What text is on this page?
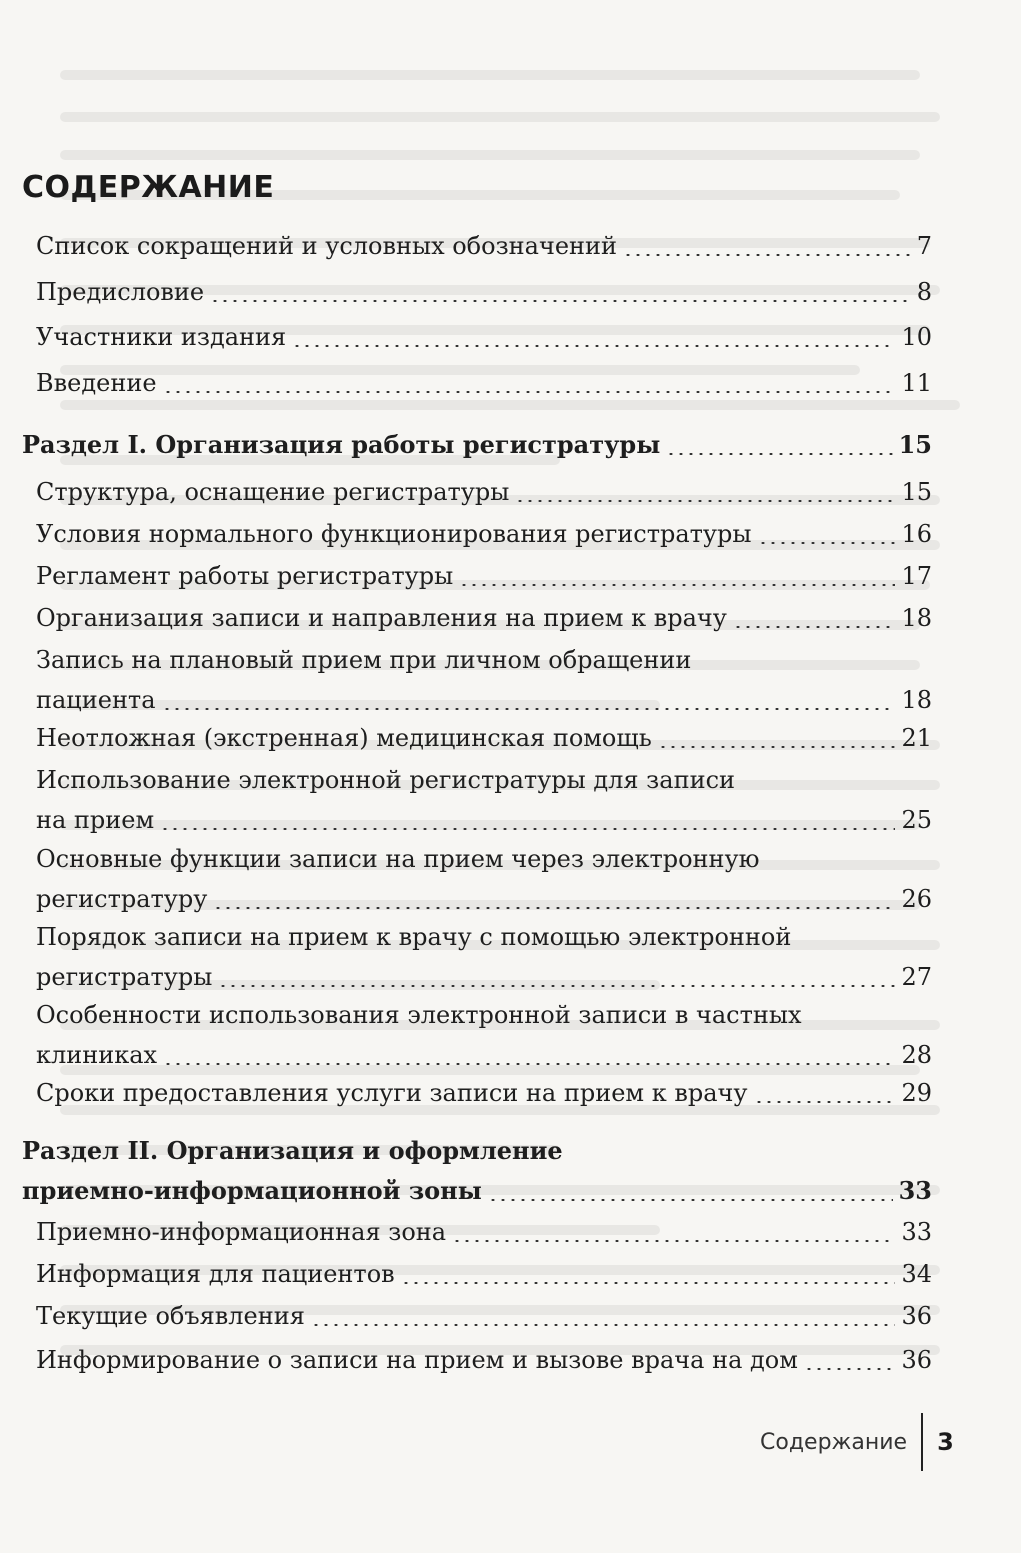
СОДЕРЖАНИЕ
Список сокращений и условных обозначений	7
Предисловие	8
Участники издания	10
Введение	11
Раздел I. Организация работы регистратуры	15
Структура, оснащение регистратуры	15
Условия нормального функционирования регистратуры	16
Регламент работы регистратуры	17
Организация записи и направления на прием к врачу	18
Запись на плановый прием при личном обращении
пациента	18
Неотложная (экстренная) медицинская помощь	21
Использование электронной регистратуры для записи
на прием	25
Основные функции записи на прием через электронную
регистратуру	26
Порядок записи на прием к врачу с помощью электронной
регистратуры	27
Особенности использования электронной записи в частных
клиниках	28
Сроки предоставления услуги записи на прием к врачу	29
Раздел II. Организация и оформление
приемно-информационной зоны	33
Приемно-информационная зона	33
Информация для пациентов	34
Текущие объявления	36
Информирование о записи на прием и вызове врача на дом	36
Содержание 3
